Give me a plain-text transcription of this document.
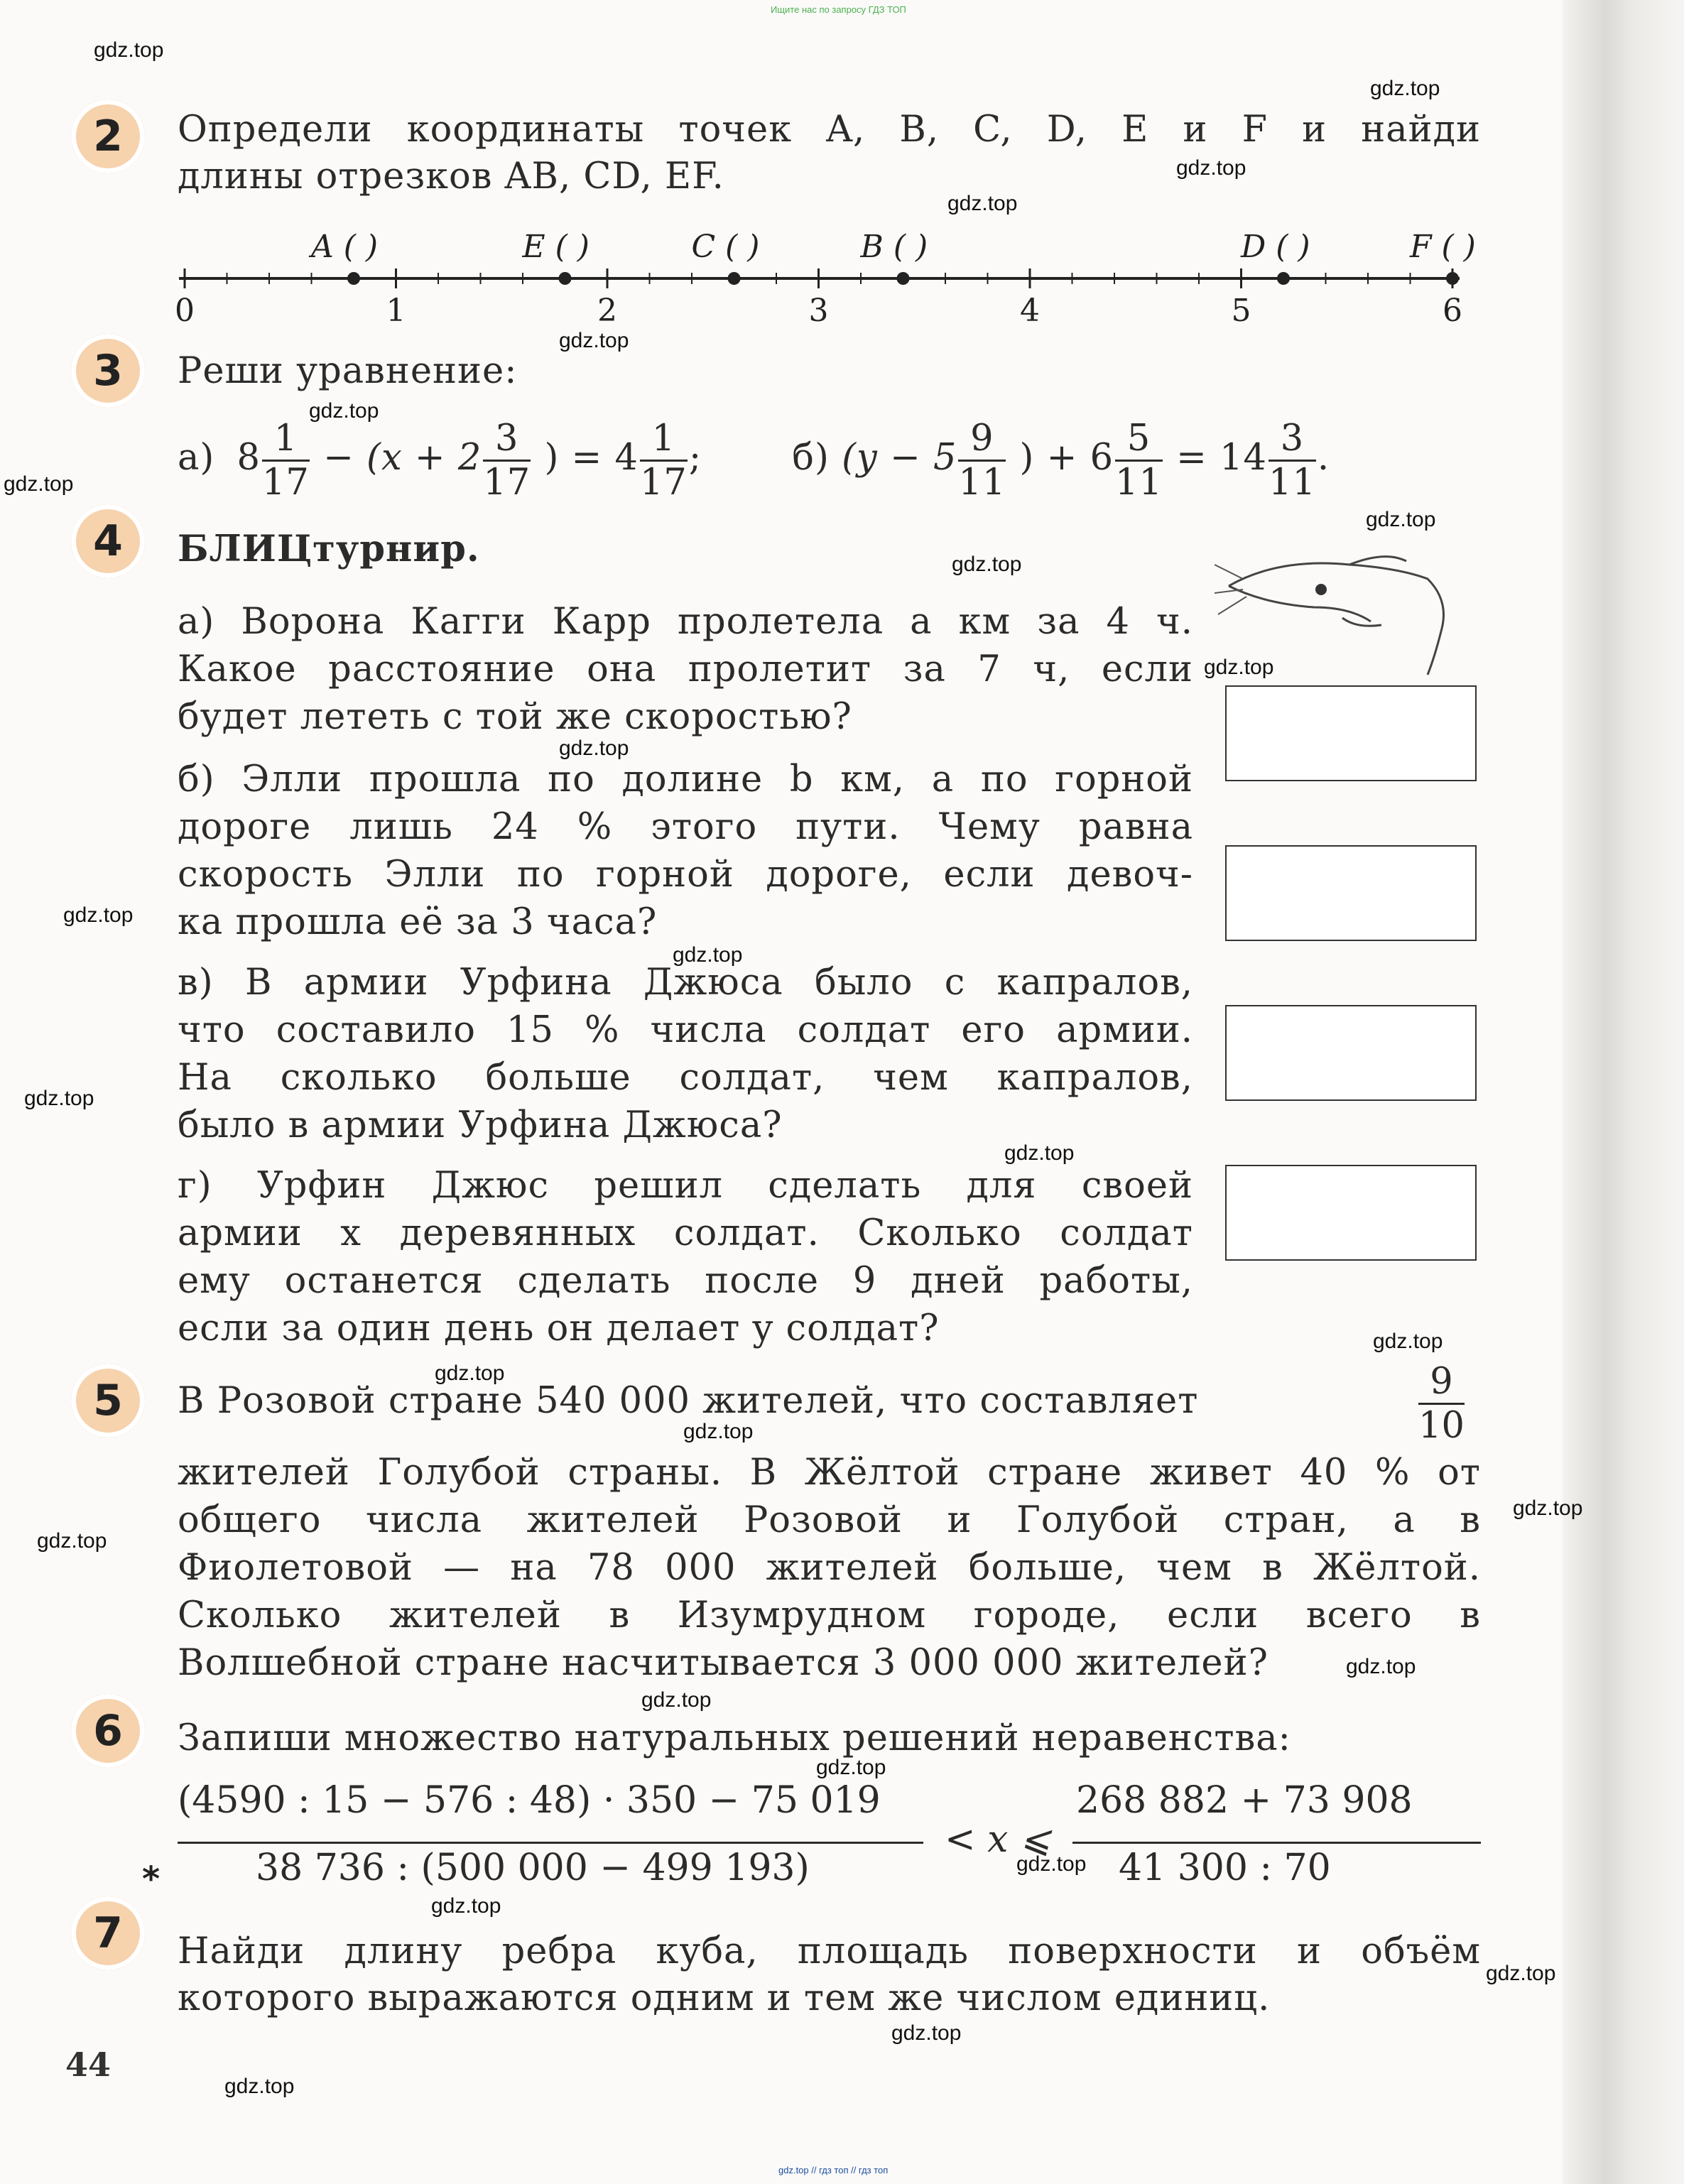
Ищите нас по запросу ГДЗ ТОП
gdz.top
gdz.top
gdz.top
gdz.top
gdz.top
gdz.top
gdz.top
gdz.top
gdz.top
gdz.top
gdz.top
gdz.top
gdz.top
gdz.top
gdz.top
gdz.top
gdz.top
gdz.top
gdz.top
gdz.top
gdz.top
gdz.top
gdz.top
gdz.top
gdz.top
gdz.top
gdz.top
gdz.top
2	Определи координаты точек A, B, C, D, E и F и найди
длины отрезков AB, CD, EF.
0	1	2	3	4	5	6
A ( )	E ( )	C ( )	B ( )	D ( )	F ( )
3	Реши уравнение:
а) $8 \frac{1}{17} - (x + 2 \frac{3}{17}$ ) = $4 \frac{1}{17}$ ; б) ($y - 5 \frac{9}{11}$ ) + $6 \frac{5}{11} = 14 \frac{3}{11}$ .
4	БЛИЦтурнир.
а) Ворона Кагги Карр пролетела a км за 4 ч.
Какое расстояние она пролетит за 7 ч, если
будет лететь с той же скоростью?
б) Элли прошла по долине b км, а по горной
дороге лишь 24 % этого пути. Чему равна
скорость Элли по горной дороге, если девоч-
ка прошла её за 3 часа?
в) В армии Урфина Джюса было c капралов,
что составило 15 % числа солдат его армии.
На сколько больше солдат, чем капралов,
было в армии Урфина Джюса?
г) Урфин Джюс решил сделать для своей
армии x деревянных солдат. Сколько солдат
ему останется сделать после 9 дней работы,
если за один день он делает y солдат?
5	В Розовой стране 540 000 жителей, что составляет	$\frac{9}{10}$
жителей Голубой страны. В Жёлтой стране живет 40 % от
общего числа жителей Розовой и Голубой стран, а в
Фиолетовой — на 78 000 жителей больше, чем в Жёлтой.
Сколько жителей в Изумрудном городе, если всего в
Волшебной стране насчитывается 3 000 000 жителей?
6	Запиши множество натуральных решений неравенства:
(4590 : 15 − 576 : 48) · 350 − 75 019
38 736 : (500 000 − 499 193)
< x ⩽
268 882 + 73 908
41 300 : 70
*
7	Найди длину ребра куба, площадь поверхности и объём
которого выражаются одним и тем же числом единиц.
44
gdz.top // гдз топ // гдз топ
